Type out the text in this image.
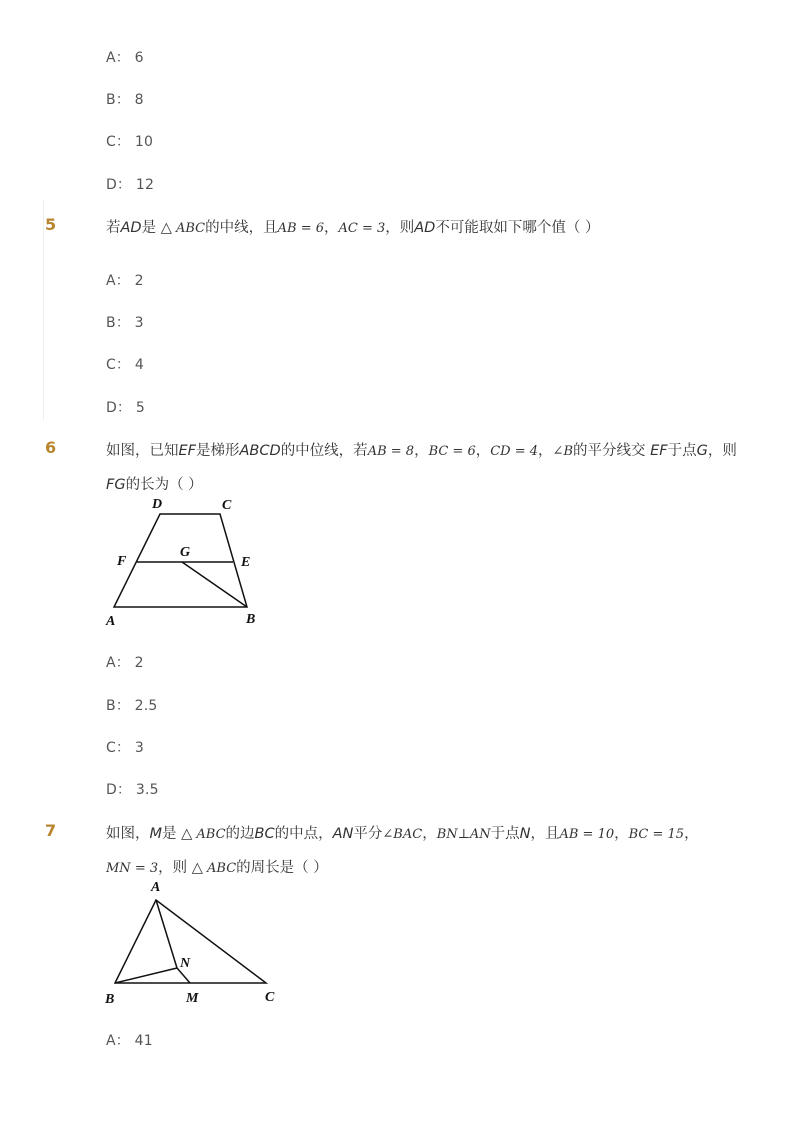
A： 6
B： 8
C： 10
D： 12
5	若AD是 △ ABC的中线，且AB = 6，AC = 3，则AD不可能取如下哪个值（ ）
A： 2
B： 3
C： 4
D： 5
6	如图，已知EF是梯形ABCD的中位线，若AB = 8，BC = 6，CD = 4，∠B的平分线交 EF于点G，则
FG的长为（ ）
D	C
F
G
E
A	B
A： 2
B： 2.5
C： 3
D： 3.5
7	如图，M是 △ ABC的边BC的中点，AN平分∠BAC，BN⊥AN于点N，且AB = 10，BC = 15，
MN = 3，则 △ ABC的周长是（ ）
A
N
B	M	C
A： 41
